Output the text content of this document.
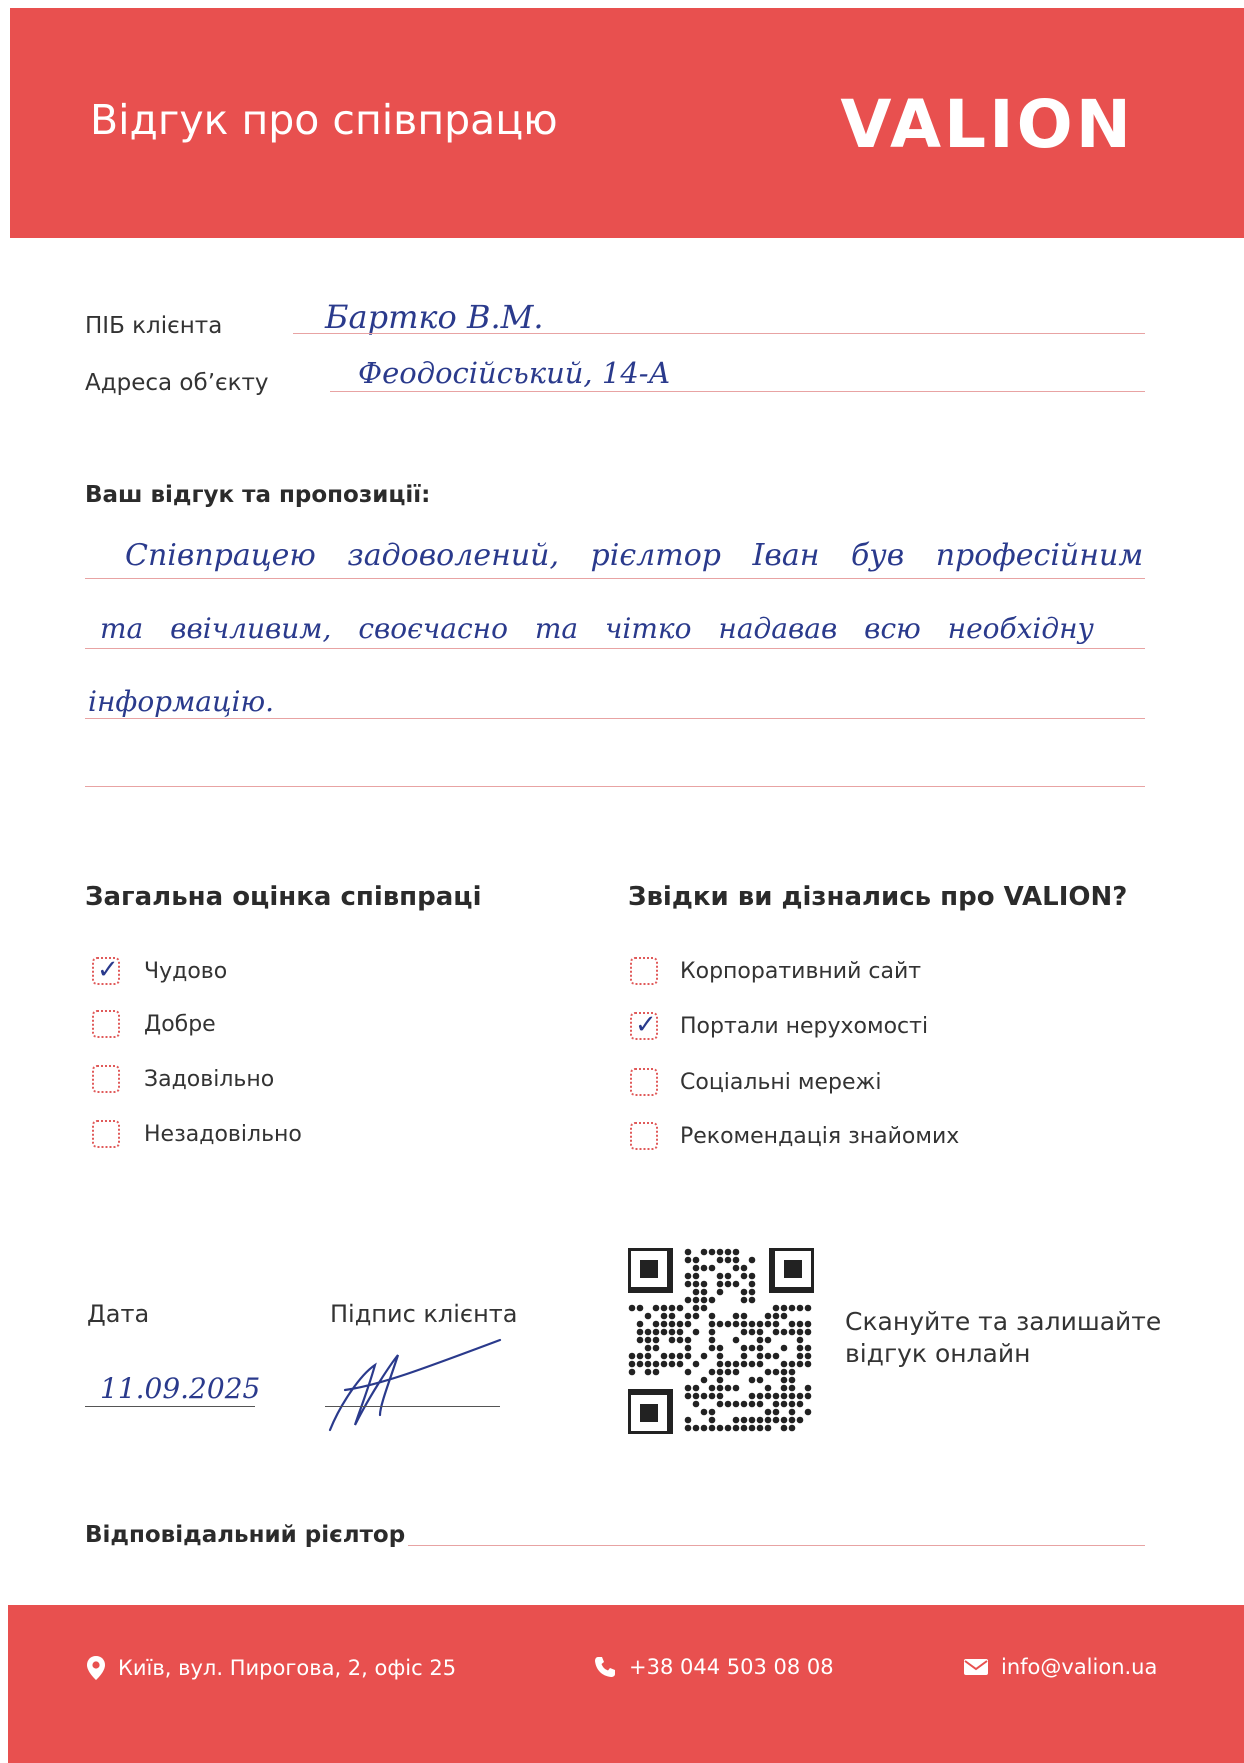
Відгук про співпрацю	VALION
ПІБ клієнта	Бартко В.М.
Адреса обʼєкту	Феодосійський, 14-А
Ваш відгук та пропозиції:
Співпрацею задоволений, рієлтор Іван був професійним
та ввічливим, своєчасно та чітко надавав всю необхідну
інформацію.
Загальна оцінка співпраці
✓ Чудово
Добре
Задовільно
Незадовільно
Звідки ви дізнались про VALION?
Корпоративний сайт
✓ Портали нерухомості
Соціальні мережі
Рекомендація знайомих
Дата
11.09.2025
Підпис клієнта	Скануйте та залишайте
відгук онлайн
Відповідальний рієлтор
Київ, вул. Пирогова, 2, офіс 25	+38 044 503 08 08	info@valion.ua
